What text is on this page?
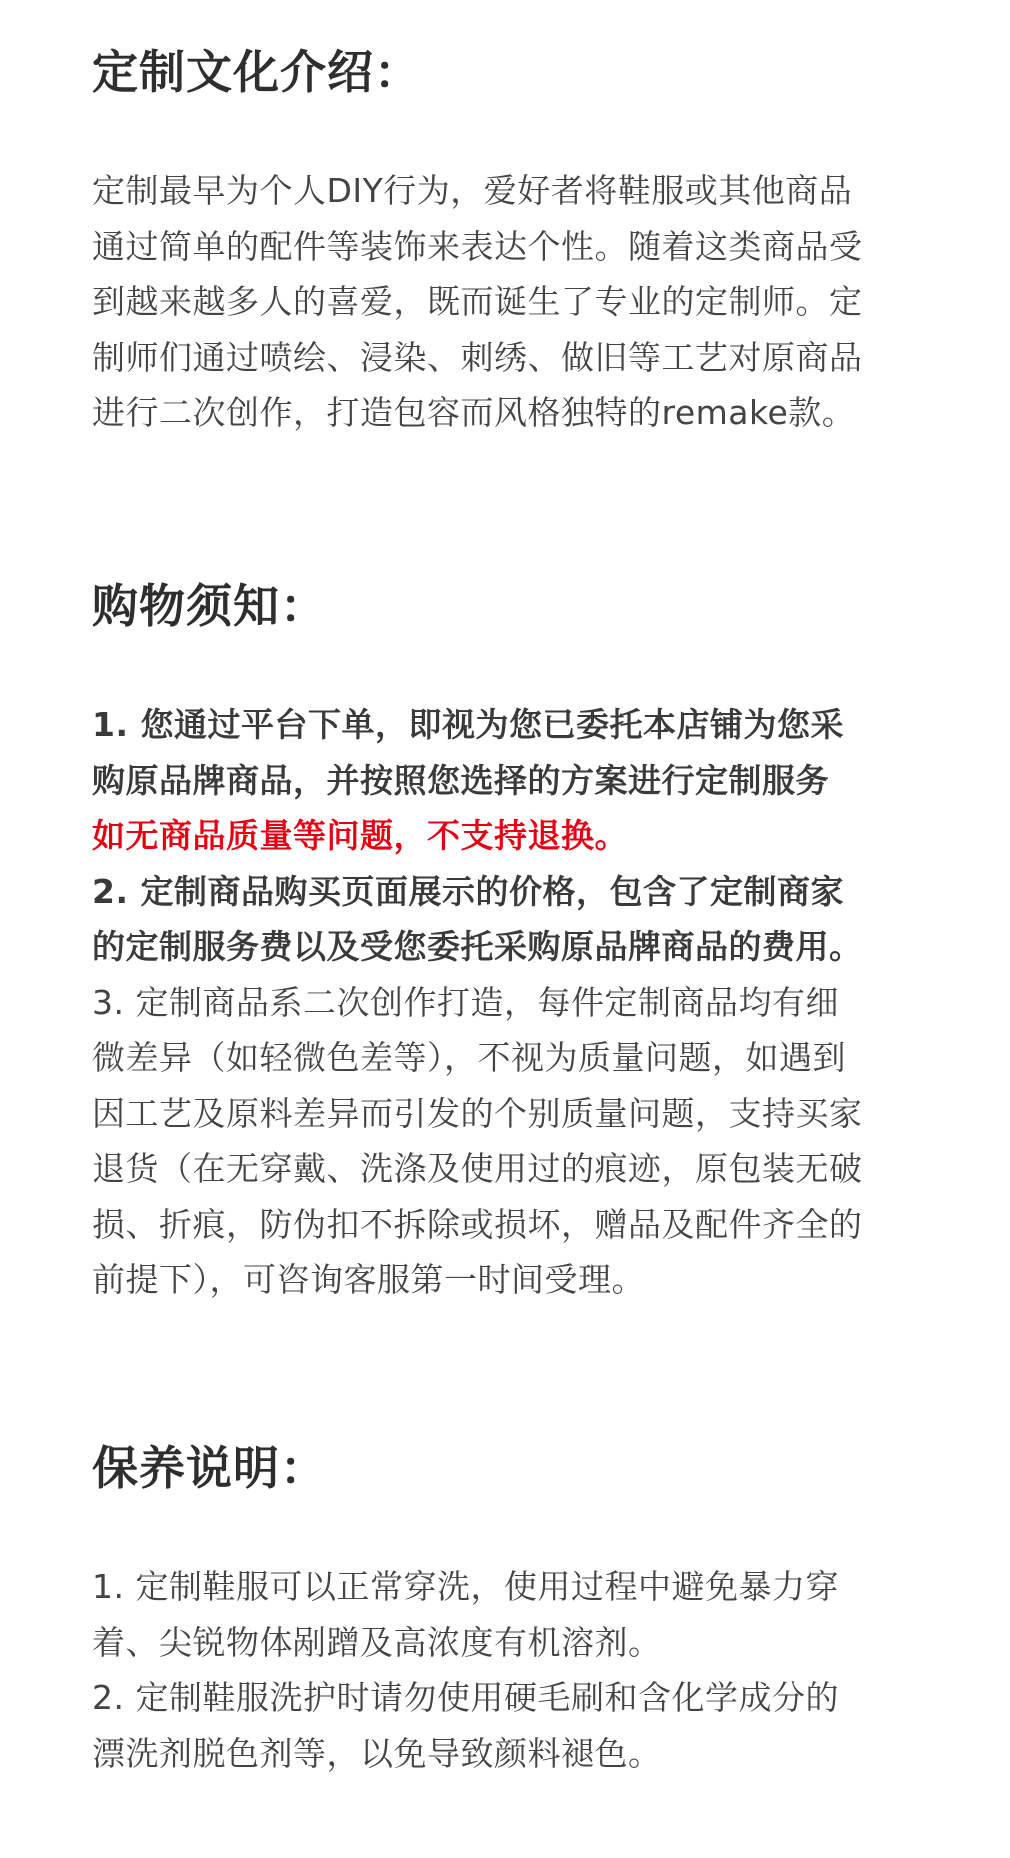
定制文化介绍：

定制最早为个人DIY行为，爱好者将鞋服或其他商品
通过简单的配件等装饰来表达个性。随着这类商品受
到越来越多人的喜爱，既而诞生了专业的定制师。定
制师们通过喷绘、浸染、刺绣、做旧等工艺对原商品
进行二次创作，打造包容而风格独特的remake款。

购物须知：

1. 您通过平台下单，即视为您已委托本店铺为您采
购原品牌商品，并按照您选择的方案进行定制服务

如无商品质量等问题，不支持退换。

2. 定制商品购买页面展示的价格，包含了定制商家
的定制服务费以及受您委托采购原品牌商品的费用。

3. 定制商品系二次创作打造，每件定制商品均有细
微差异（如轻微色差等），不视为质量问题，如遇到
因工艺及原料差异而引发的个别质量问题，支持买家
退货（在无穿戴、洗涤及使用过的痕迹，原包装无破
损、折痕，防伪扣不拆除或损坏，赠品及配件齐全的
前提下），可咨询客服第一时间受理。

保养说明：

1. 定制鞋服可以正常穿洗，使用过程中避免暴力穿
着、尖锐物体剐蹭及高浓度有机溶剂。

2. 定制鞋服洗护时请勿使用硬毛刷和含化学成分的
漂洗剂脱色剂等，以免导致颜料褪色。
